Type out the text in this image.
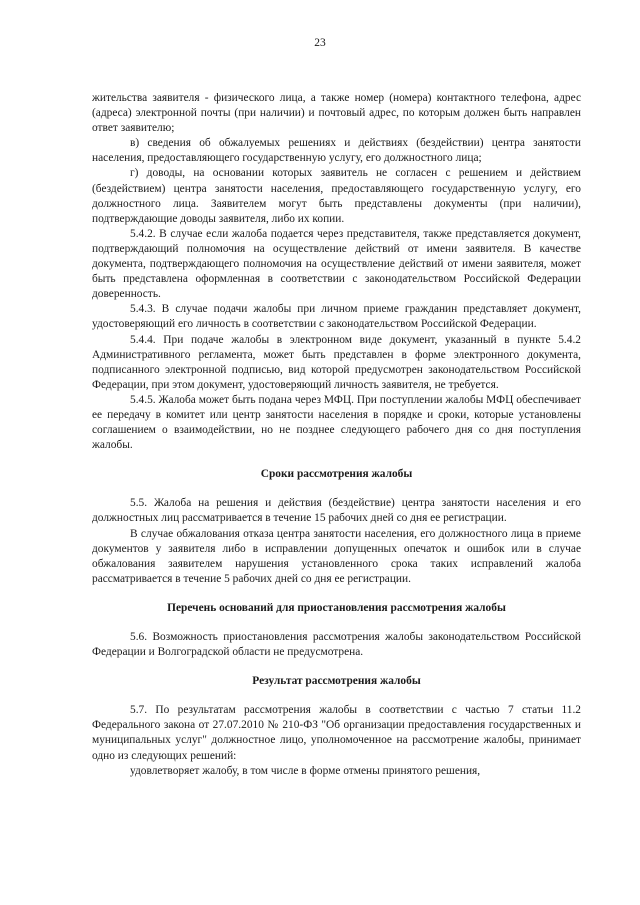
23

жительства заявителя - физического лица, а также номер (номера) контактного телефона, адрес (адреса) электронной почты (при наличии) и почтовый адрес, по которым должен быть направлен ответ заявителю;

в) сведения об обжалуемых решениях и действиях (бездействии) центра занятости населения, предоставляющего государственную услугу, его должностного лица;

г) доводы, на основании которых заявитель не согласен с решением и действием (бездействием) центра занятости населения, предоставляющего государственную услугу, его должностного лица. Заявителем могут быть представлены документы (при наличии), подтверждающие доводы заявителя, либо их копии.

5.4.2. В случае если жалоба подается через представителя, также представляется документ, подтверждающий полномочия на осуществление действий от имени заявителя. В качестве документа, подтверждающего полномочия на осуществление действий от имени заявителя, может быть представлена оформленная в соответствии с законодательством Российской Федерации доверенность.

5.4.3. В случае подачи жалобы при личном приеме гражданин представляет документ, удостоверяющий его личность в соответствии с законодательством Российской Федерации.

5.4.4. При подаче жалобы в электронном виде документ, указанный в пункте 5.4.2 Административного регламента, может быть представлен в форме электронного документа, подписанного электронной подписью, вид которой предусмотрен законодательством Российской Федерации, при этом документ, удостоверяющий личность заявителя, не требуется.

5.4.5. Жалоба может быть подана через МФЦ. При поступлении жалобы МФЦ обеспечивает ее передачу в комитет или центр занятости населения в порядке и сроки, которые установлены соглашением о взаимодействии, но не позднее следующего рабочего дня со дня поступления жалобы.

Сроки рассмотрения жалобы

5.5. Жалоба на решения и действия (бездействие) центра занятости населения и его должностных лиц рассматривается в течение 15 рабочих дней со дня ее регистрации.

В случае обжалования отказа центра занятости населения, его должностного лица в приеме документов у заявителя либо в исправлении допущенных опечаток и ошибок или в случае обжалования заявителем нарушения установленного срока таких исправлений жалоба рассматривается в течение 5 рабочих дней со дня ее регистрации.

Перечень оснований для приостановления рассмотрения жалобы

5.6. Возможность приостановления рассмотрения жалобы законодательством Российской Федерации и Волгоградской области не предусмотрена.

Результат рассмотрения жалобы

5.7. По результатам рассмотрения жалобы в соответствии с частью 7 статьи 11.2 Федерального закона от 27.07.2010 № 210-ФЗ "Об организации предоставления государственных и муниципальных услуг" должностное лицо, уполномоченное на рассмотрение жалобы, принимает одно из следующих решений:

удовлетворяет жалобу, в том числе в форме отмены принятого решения,
